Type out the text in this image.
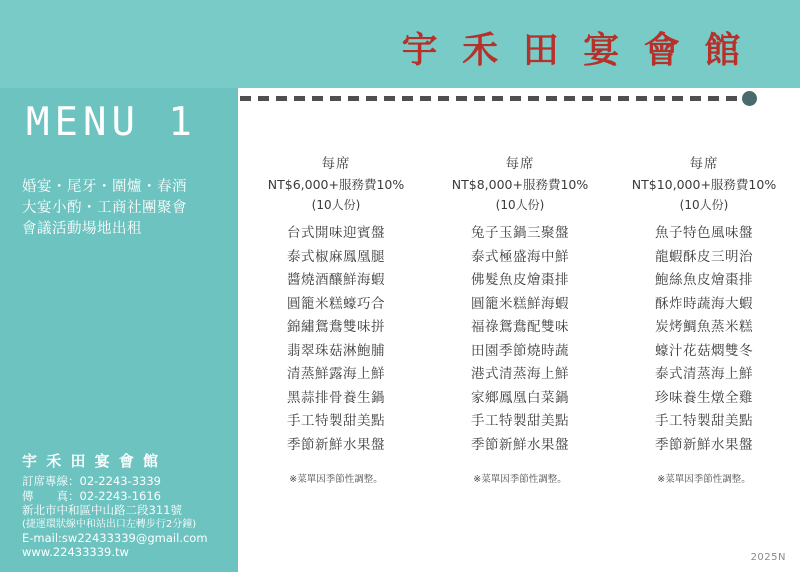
宇 禾 田 宴 會 館
MENU 1
婚宴・尾牙・圍爐・春酒
大宴小酌・工商社團聚會
會議活動場地出租
宇 禾 田 宴 會 館
訂席專線：02-2243-3339
傳　　真：02-2243-1616
新北市中和區中山路二段311號
(捷運環狀線中和站出口左轉步行2分鐘)
E-mail:sw22433339@gmail.com
www.22433339.tw
每席
NT$6,000+服務費10%
(10人份)
台式開味迎賓盤
泰式椒麻鳳凰腿
醬燒酒釀鮮海蝦
圓籠米糕蠔巧合
錦繡鴛鴦雙味拼
翡翠珠菇淋鮑脯
清蒸鮮露海上鮮
黑蒜排骨養生鍋
手工特製甜美點
季節新鮮水果盤
※菜單因季節性調整。
每席
NT$8,000+服務費10%
(10人份)
兔子玉鍋三聚盤
泰式極盛海中鮮
佛髮魚皮燴棗排
圓籠米糕鮮海蝦
福祿鴛鴦配雙味
田園季節燒時蔬
港式清蒸海上鮮
家鄉鳳凰白菜鍋
手工特製甜美點
季節新鮮水果盤
※菜單因季節性調整。
每席
NT$10,000+服務費10%
(10人份)
魚子特色風味盤
龍蝦酥皮三明治
鮑絲魚皮燴棗排
酥炸時蔬海大蝦
炭烤鯛魚蒸米糕
蠔汁花菇燜雙冬
泰式清蒸海上鮮
珍味養生燉全雞
手工特製甜美點
季節新鮮水果盤
※菜單因季節性調整。
2025N
